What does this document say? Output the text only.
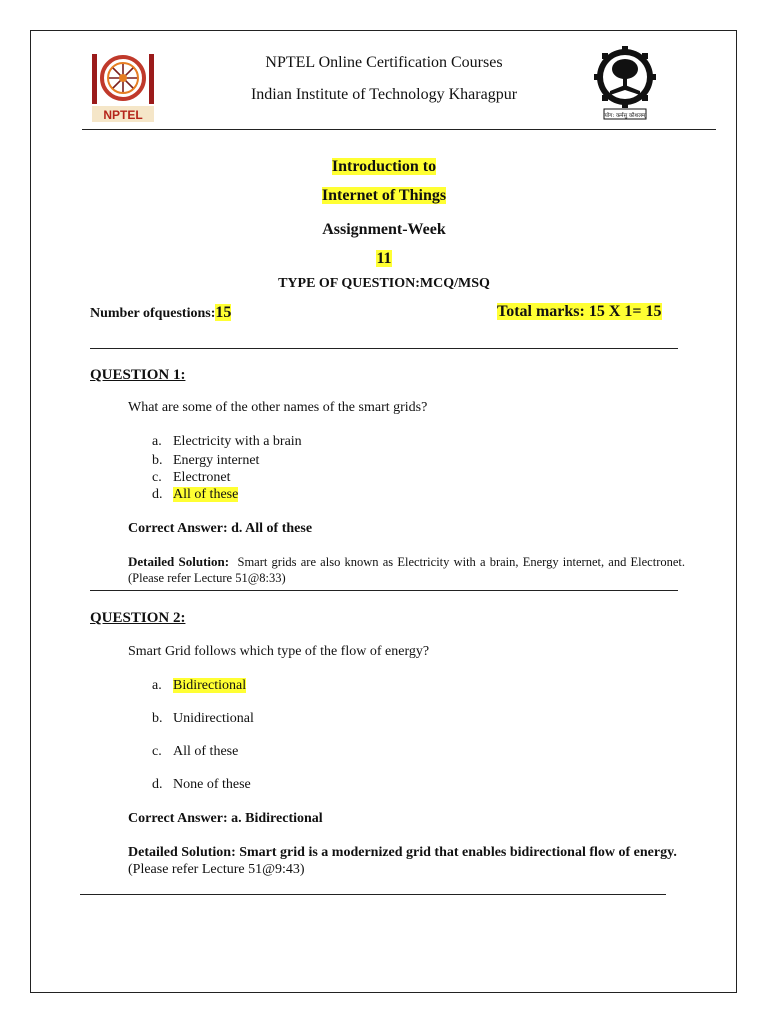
NPTEL	योग: कर्मसु कौशलम्
NPTEL Online Certification Courses
Indian Institute of Technology Kharagpur
Introduction to
Internet of Things
Assignment-Week
11
TYPE OF QUESTION:MCQ/MSQ
Number ofquestions:15	Total marks: 15 X 1= 15
QUESTION 1:
What are some of the other names of the smart grids?
a. Electricity with a brain
b. Energy internet
c. Electronet
d. All of these
Correct Answer: d. All of these
Detailed Solution: Smart grids are also known as Electricity with a brain, Energy internet, and Electronet. (Please refer Lecture 51@8:33)
QUESTION 2:
Smart Grid follows which type of the flow of energy?
a. Bidirectional
b. Unidirectional
c. All of these
d. None of these
Correct Answer: a. Bidirectional
Detailed Solution: Smart grid is a modernized grid that enables bidirectional flow of energy. (Please refer Lecture 51@9:43)
